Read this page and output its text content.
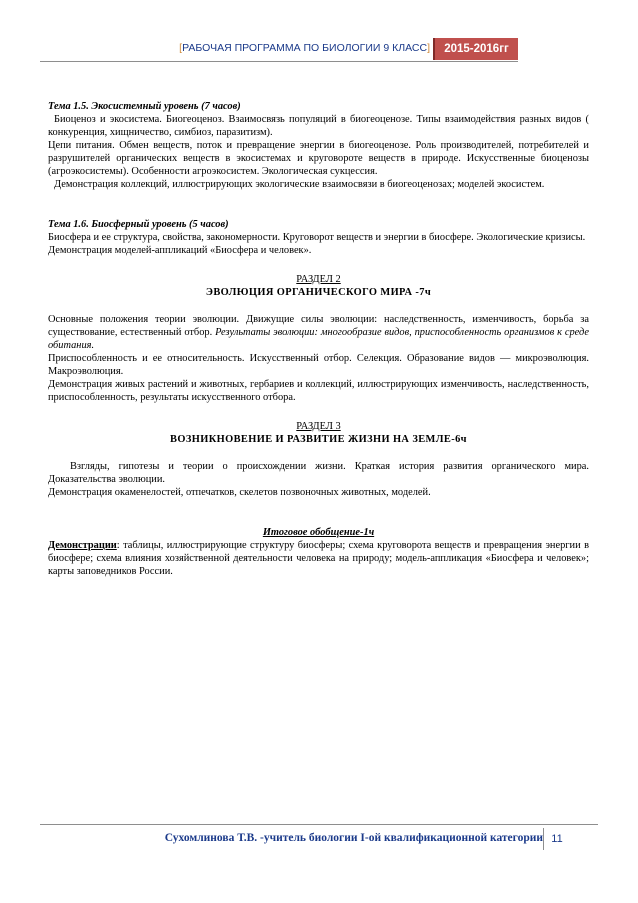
[РАБОЧАЯ ПРОГРАММА ПО БИОЛОГИИ 9 КЛАСС]	2015-2016гг

Тема 1.5. Экосистемный уровень (7 часов)

Биоценоз и экосистема. Биогеоценоз. Взаимосвязь популяций в биогеоценозе. Типы взаимодействия разных видов ( конкуренция, хищничество, симбиоз, паразитизм).

Цепи питания. Обмен веществ, поток и превращение энергии в биогеоценозе. Роль производителей, потребителей и разрушителей органических веществ в экосистемах и круговороте веществ в природе. Искусственные биоценозы (агроэкосистемы). Особенности агроэкосистем. Экологическая сукцессия.

Демонстрация коллекций, иллюстрирующих экологические взаимосвязи в биогеоценозах; моделей экосистем.

Тема 1.6. Биосферный уровень (5 часов)

Биосфера и ее структура, свойства, закономерности. Круговорот веществ и энергии в биосфере. Экологические кризисы.

Демонстрация моделей-аппликаций «Биосфера и человек».

РАЗДЕЛ 2

ЭВОЛЮЦИЯ ОРГАНИЧЕСКОГО МИРА -7ч

Основные положения теории эволюции. Движущие силы эволюции: наследственность, изменчивость, борьба за существование, естественный отбор. Результаты эволюции: многообразие видов, приспособленность организмов к среде обитания.

Приспособленность и ее относительность. Искусственный отбор. Селекция. Образование видов — микроэволюция. Макроэволюция.

Демонстрация живых растений и животных, гербариев и коллекций, иллюстрирующих изменчивость, наследственность, приспособленность, результаты искусственного отбора.

РАЗДЕЛ 3

ВОЗНИКНОВЕНИЕ И РАЗВИТИЕ ЖИЗНИ НА ЗЕМЛЕ-6ч

Взгляды, гипотезы и теории о происхождении жизни. Краткая история развития органического мира. Доказательства эволюции.

Демонстрация окаменелостей, отпечатков, скелетов позвоночных животных, моделей.

Итоговое обобщение-1ч

Демонстрации: таблицы, иллюстрирующие структуру биосферы; схема круговорота веществ и превращения энергии в биосфере; схема влияния хозяйственной деятельности человека на природу; модель-аппликация «Биосфера и человек»; карты заповедников России.

Сухомлинова Т.В. -учитель биологии I-ой квалификационной категории 11
